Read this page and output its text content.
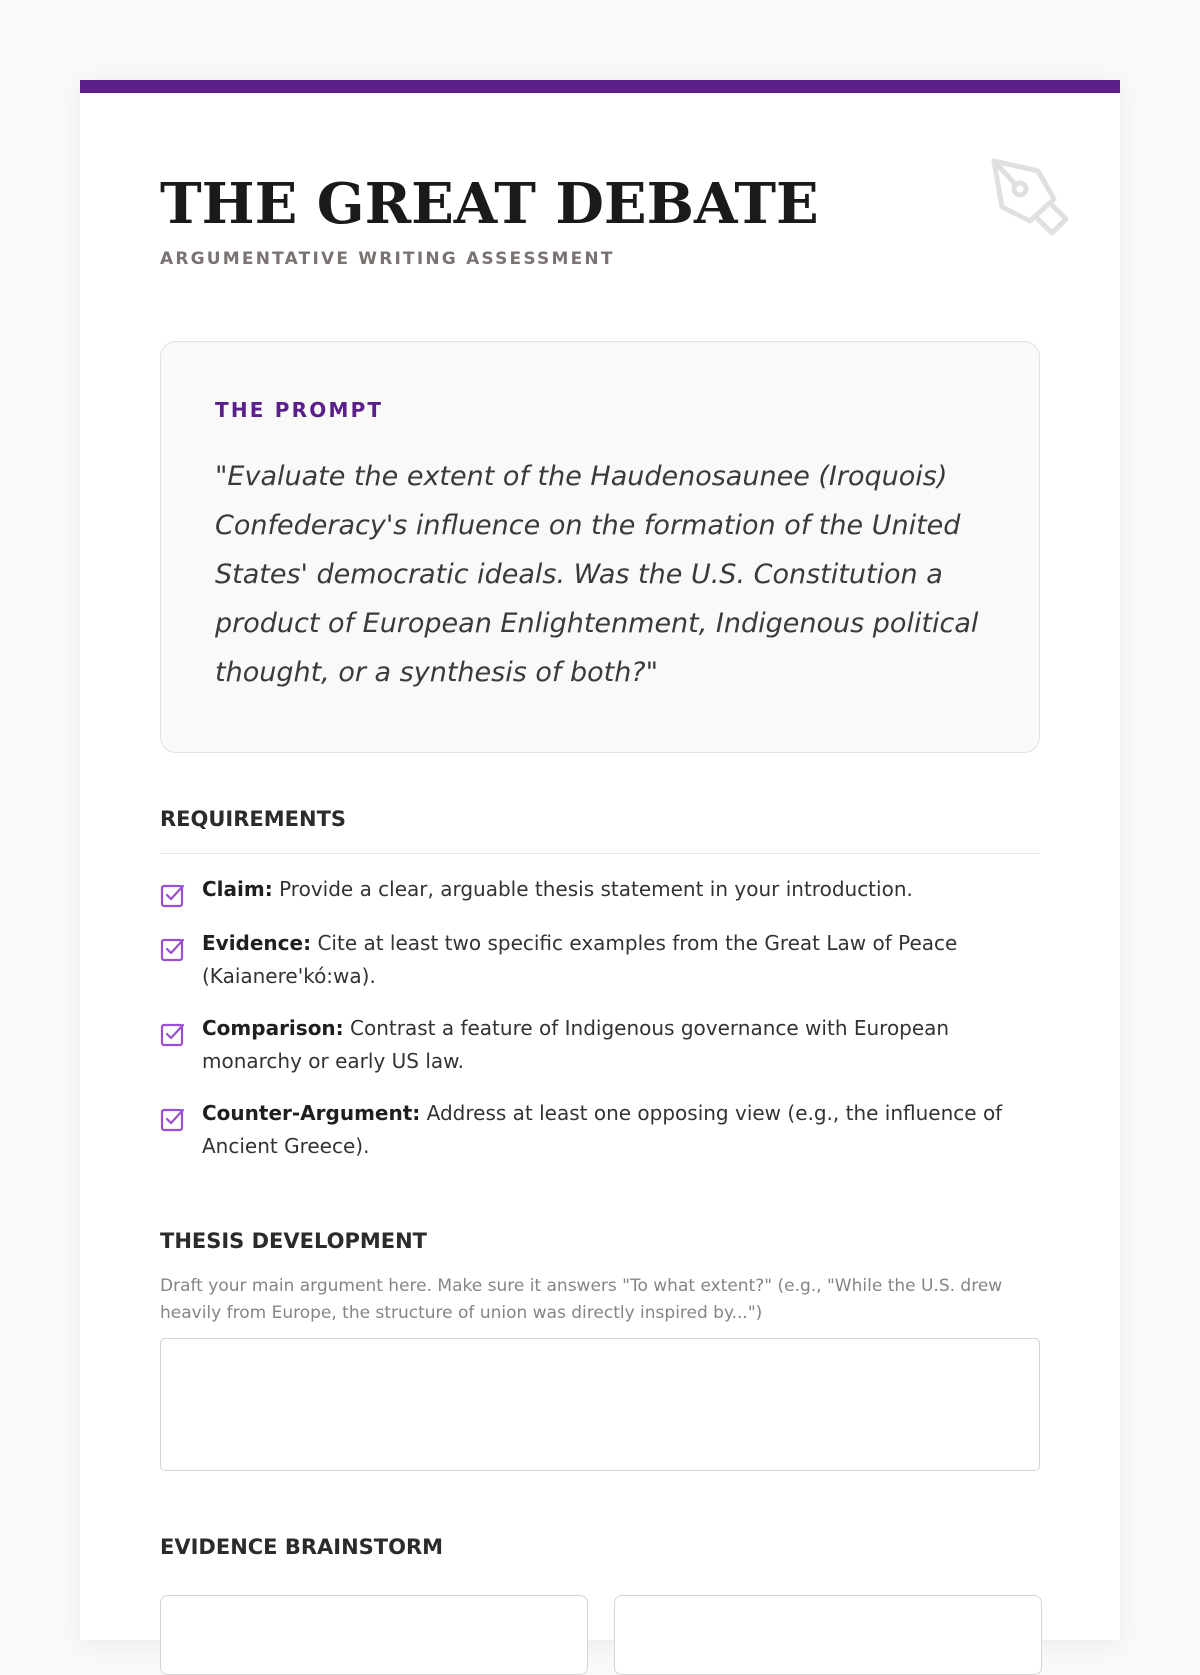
THE GREAT DEBATE
ARGUMENTATIVE WRITING ASSESSMENT
THE PROMPT

"Evaluate the extent of the Haudenosaunee (Iroquois) Confederacy's influence on the formation of the United States' democratic ideals. Was the U.S. Constitution a product of European Enlightenment, Indigenous political thought, or a synthesis of both?"

REQUIREMENTS
Claim: Provide a clear, arguable thesis statement in your introduction.
Evidence: Cite at least two specific examples from the Great Law of Peace (Kaianere'kó:wa).
Comparison: Contrast a feature of Indigenous governance with European monarchy or early US law.
Counter-Argument: Address at least one opposing view (e.g., the influence of Ancient Greece).
THESIS DEVELOPMENT

Draft your main argument here. Make sure it answers "To what extent?" (e.g., "While the U.S. drew heavily from Europe, the structure of union was directly inspired by...")

EVIDENCE BRAINSTORM
